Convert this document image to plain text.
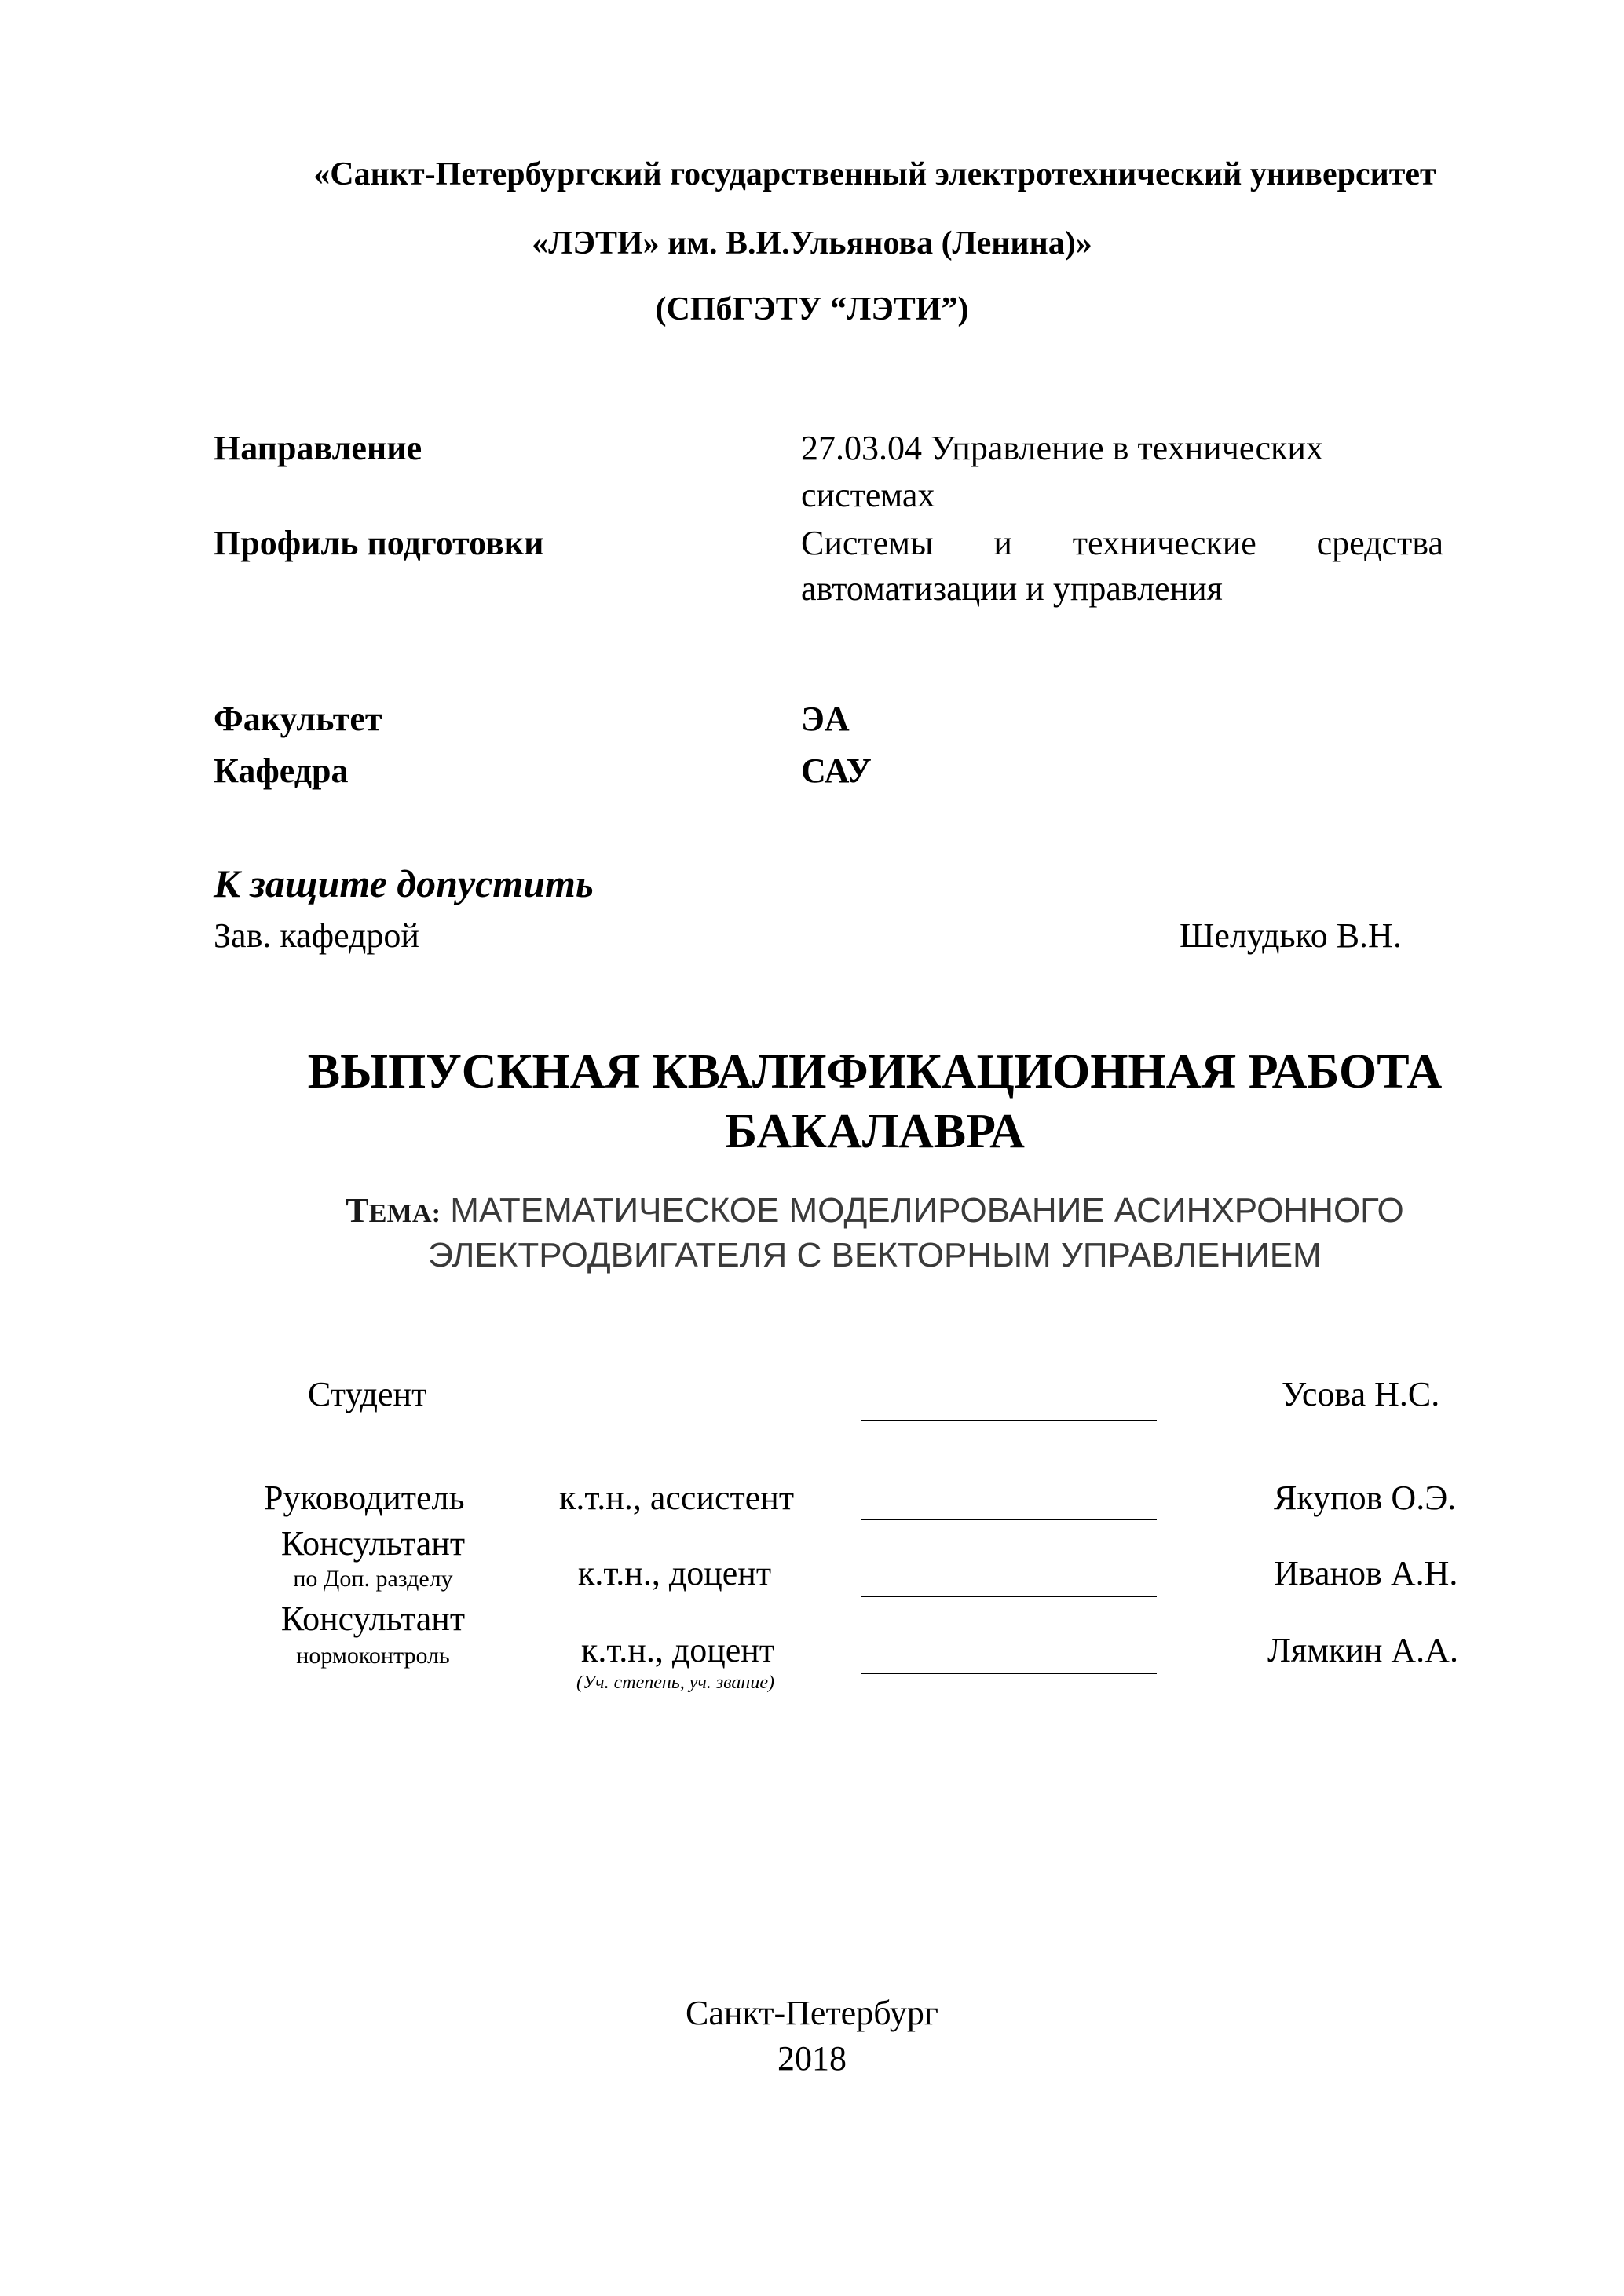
«Санкт-Петербургский государственный электротехнический университет
«ЛЭТИ» им. В.И.Ульянова (Ленина)»
(СПбГЭТУ “ЛЭТИ”)
Направление	27.03.04 Управление в технических
системах
Профиль подготовки	Системы и технические средства
автоматизации и управления
Факультет	ЭА
Кафедра	САУ
К защите допустить
Зав. кафедрой	Шелудько В.Н.
ВЫПУСКНАЯ КВАЛИФИКАЦИОННАЯ РАБОТА
БАКАЛАВРА
ТЕМА: МАТЕМАТИЧЕСКОЕ МОДЕЛИРОВАНИЕ АСИНХРОННОГО
ЭЛЕКТРОДВИГАТЕЛЯ С ВЕКТОРНЫМ УПРАВЛЕНИЕМ
Студент	Усова Н.С.
Руководитель	к.т.н., ассистент	Якупов О.Э.
Консультант
по Доп. разделу	к.т.н., доцент	Иванов А.Н.
Консультант
нормоконтроль	к.т.н., доцент	Лямкин А.А.
(Уч. степень, уч. звание)
Санкт-Петербург
2018
